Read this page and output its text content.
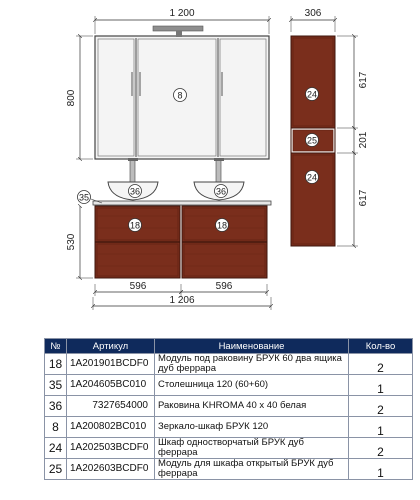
8
1 200
800
36	36
35
18	18
530
596	596
1 206
24
25
24
306
617
201
617
№	Артикул	Наименование	Кол-во
18	1A201901BCDF0	Модуль под раковину БРУК 60 два ящика дуб феррара	2
35	1A204605BC010	Столешница 120 (60+60)	1
36	7327654000	Раковина KHROMA 40 х 40 белая	2
8	1A200802BC010	Зеркало-шкаф БРУК 120	1
24	1A202503BCDF0	Шкаф одностворчатый БРУК дуб феррара	2
25	1A202603BCDF0	Модуль для шкафа открытый БРУК дуб феррара	1
